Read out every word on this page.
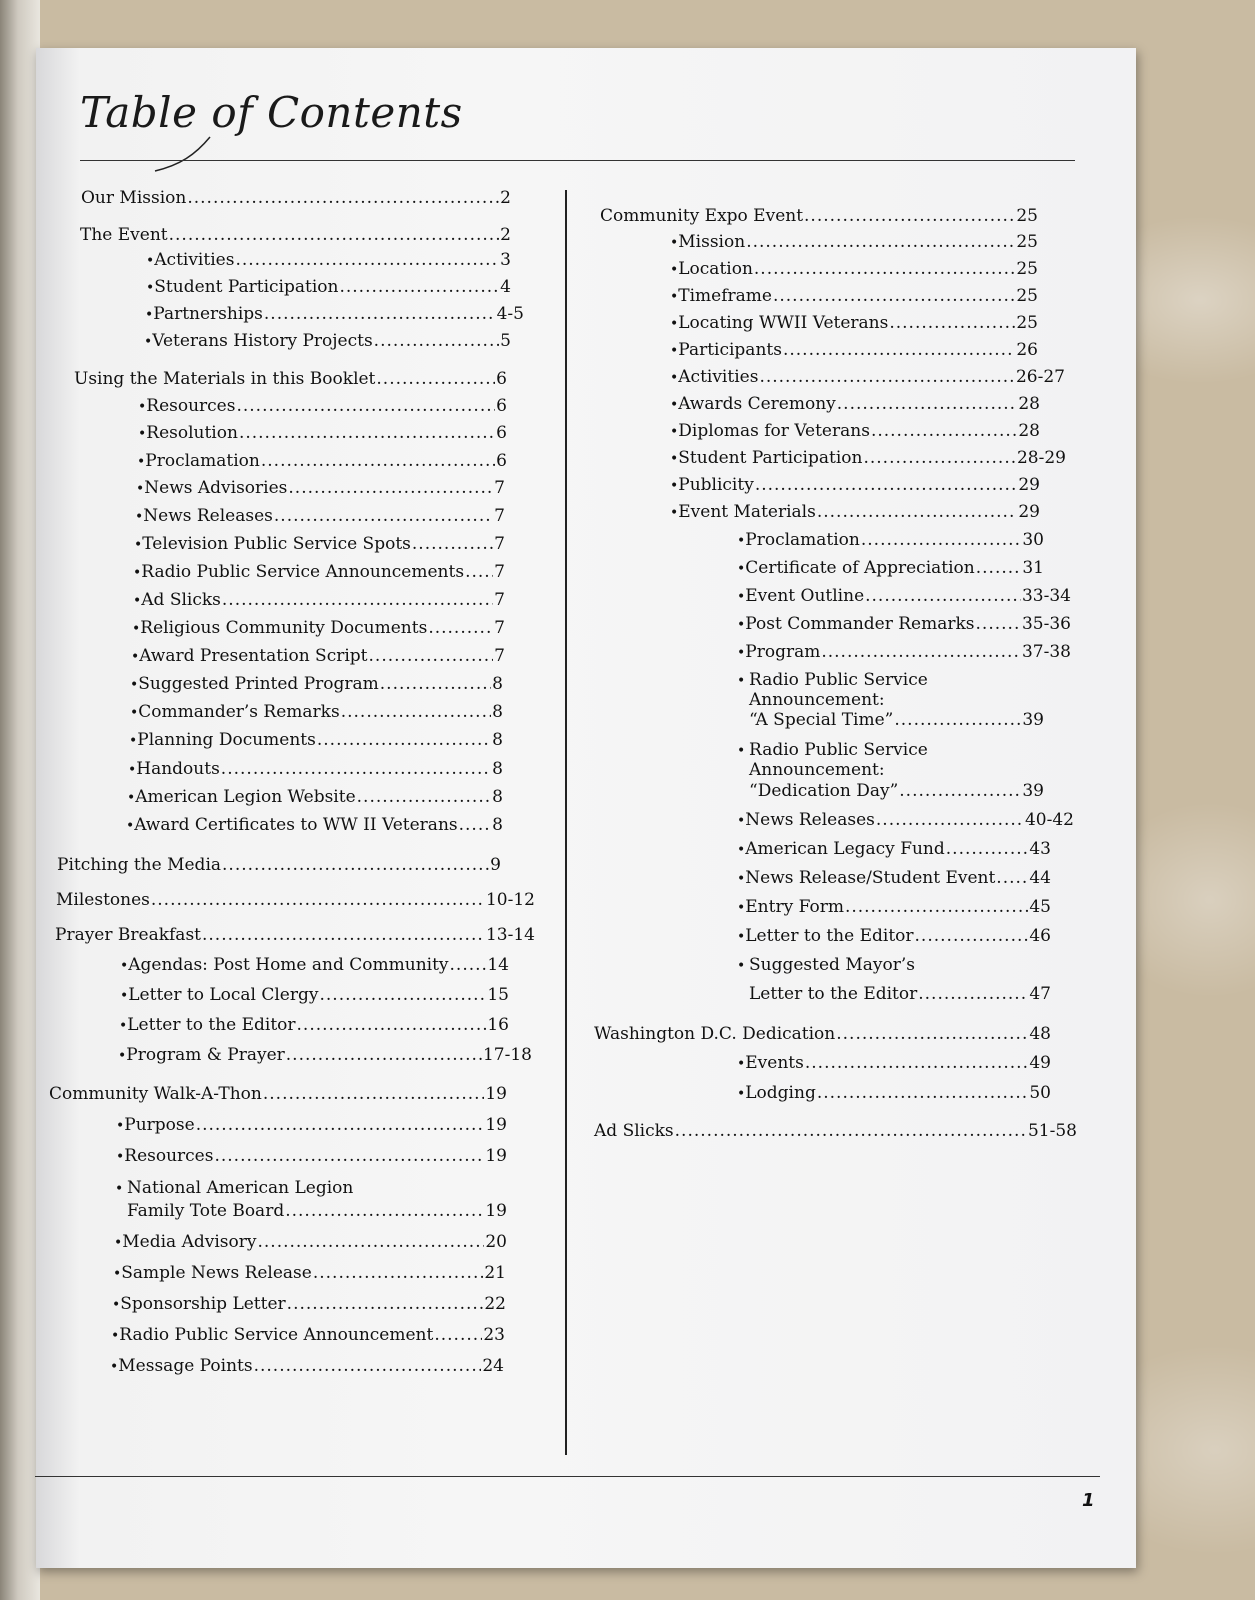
Table of Contents
1
Our Mission .....	2
The Event .....	2
• Activities .....	3
• Student Participation .....	4
• Partnerships .....	4-5
• Veterans History Projects .....	5
Using the Materials in this Booklet .....	6
• Resources .....	6
• Resolution .....	6
• Proclamation .....	6
• News Advisories .....	7
• News Releases .....	7
• Television Public Service Spots .....	7
• Radio Public Service Announcements ..... 7
• Ad Slicks .....	7
• Religious Community Documents .....	7
• Award Presentation Script .....	7
• Suggested Printed Program .....	8
• Commander’s Remarks .....	8
• Planning Documents .....	8
• Handouts .....	8
• American Legion Website .....	8
• Award Certificates to WW II Veterans ..... 8
Pitching the Media .....	9
Milestones .....	10-12
Prayer Breakfast .....	13-14
• Agendas: Post Home and Community ..... 14
• Letter to Local Clergy .....	15
• Letter to the Editor .....	16
• Program & Prayer .....	17-18
Community Walk-A-Thon .....	19
• Purpose .....	19
• Resources .....	19
• National American Legion
Family Tote Board .....	19
• Media Advisory .....	20
• Sample News Release .....	21
• Sponsorship Letter .....	22
• Radio Public Service Announcement .....	23
• Message Points .....	24
Community Expo Event .....	25
• Mission .....	25
• Location .....	25
• Timeframe .....	25
• Locating WWII Veterans .....	25
• Participants .....	26
• Activities .....	26-27
• Awards Ceremony .....	28
• Diplomas for Veterans .....	28
• Student Participation .....	28-29
• Publicity .....	29
• Event Materials .....	29
• Proclamation .....	30
• Certificate of Appreciation .....	31
• Event Outline .....	33-34
• Post Commander Remarks .....	35-36
• Program .....	37-38
• Radio Public Service
Announcement:
“A Special Time” .....	39
• Radio Public Service
Announcement:
“Dedication Day” .....	39
• News Releases .....	40-42
• American Legacy Fund .....	43
• News Release/Student Event ..... 44
• Entry Form .....	45
• Letter to the Editor .....	46
• Suggested Mayor’s
Letter to the Editor .....	47
Washington D.C. Dedication .....	48
• Events .....	49
• Lodging .....	50
Ad Slicks .....	51-58
